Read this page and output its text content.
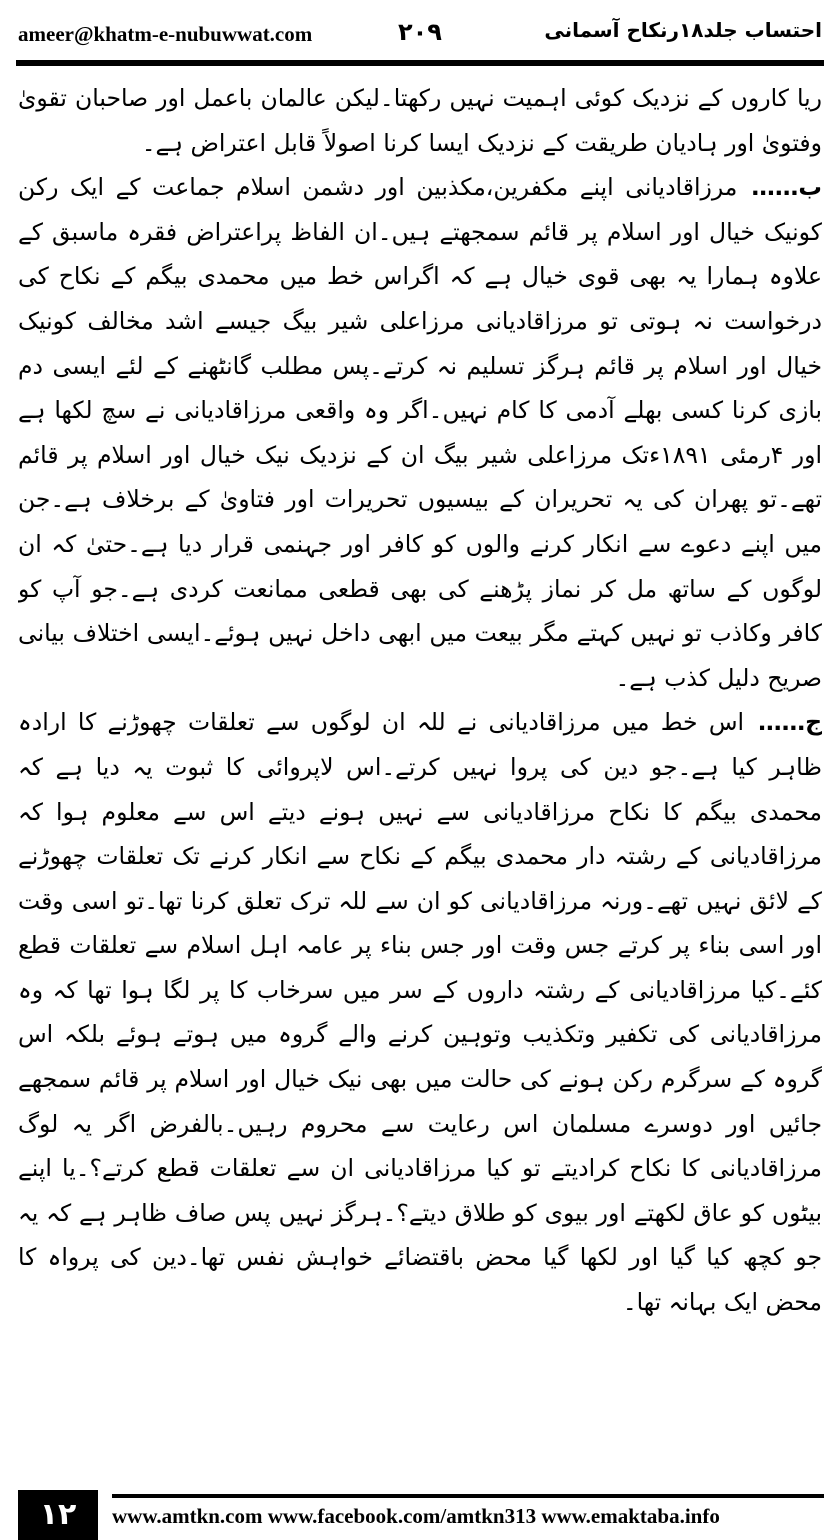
ameer@khatm-e-nubuwwat.com	۲۰۹	احتساب جلد۱۸رنکاح آسمانی

ریا کاروں کے نزدیک کوئی اہمیت نہیں رکھتا۔لیکن عالمان باعمل اور صاحبان تقویٰ وفتویٰ اور ہادیان طریقت کے نزدیک ایسا کرنا اصولاً قابل اعتراض ہے۔

ب……مرزاقادیانی اپنے مکفرین،مکذبین اور دشمن اسلام جماعت کے ایک رکن کونیک خیال اور اسلام پر قائم سمجھتے ہیں۔ان الفاظ پراعتراض فقرہ ماسبق کے علاوہ ہمارا یہ بھی قوی خیال ہے کہ اگراس خط میں محمدی بیگم کے نکاح کی درخواست نہ ہوتی تو مرزاقادیانی مرزاعلی شیر بیگ جیسے اشد مخالف کونیک خیال اور اسلام پر قائم ہرگز تسلیم نہ کرتے۔پس مطلب گانٹھنے کے لئے ایسی دم بازی کرنا کسی بھلے آدمی کا کام نہیں۔اگر وہ واقعی مرزاقادیانی نے سچ لکھا ہے اور ۴رمئی ۱۸۹۱ءتک مرزاعلی شیر بیگ ان کے نزدیک نیک خیال اور اسلام پر قائم تھے۔تو پھران کی یہ تحریران کے بیسیوں تحریرات اور فتاویٰ کے برخلاف ہے۔جن میں اپنے دعوے سے انکار کرنے والوں کو کافر اور جہنمی قرار دیا ہے۔حتیٰ کہ ان لوگوں کے ساتھ مل کر نماز پڑھنے کی بھی قطعی ممانعت کردی ہے۔جو آپ کو کافر وکاذب تو نہیں کہتے مگر بیعت میں ابھی داخل نہیں ہوئے۔ایسی اختلاف بیانی صریح دلیل کذب ہے۔

ج……اس خط میں مرزاقادیانی نے للہ ان لوگوں سے تعلقات چھوڑنے کا ارادہ ظاہر کیا ہے۔جو دین کی پروا نہیں کرتے۔اس لاپروائی کا ثبوت یہ دیا ہے کہ محمدی بیگم کا نکاح مرزاقادیانی سے نہیں ہونے دیتے اس سے معلوم ہوا کہ مرزاقادیانی کے رشتہ دار محمدی بیگم کے نکاح سے انکار کرنے تک تعلقات چھوڑنے کے لائق نہیں تھے۔ورنہ مرزاقادیانی کو ان سے للہ ترک تعلق کرنا تھا۔تو اسی وقت اور اسی بناء پر کرتے جس وقت اور جس بناء پر عامہ اہل اسلام سے تعلقات قطع کئے۔کیا مرزاقادیانی کے رشتہ داروں کے سر میں سرخاب کا پر لگا ہوا تھا کہ وہ مرزاقادیانی کی تکفیر وتکذیب وتوہین کرنے والے گروہ میں ہوتے ہوئے بلکہ اس گروہ کے سرگرم رکن ہونے کی حالت میں بھی نیک خیال اور اسلام پر قائم سمجھے جائیں اور دوسرے مسلمان اس رعایت سے محروم رہیں۔بالفرض اگر یہ لوگ مرزاقادیانی کا نکاح کرادیتے تو کیا مرزاقادیانی ان سے تعلقات قطع کرتے؟۔یا اپنے بیٹوں کو عاق لکھتے اور بیوی کو طلاق دیتے؟۔ہرگز نہیں پس صاف ظاہر ہے کہ یہ جو کچھ کیا گیا اور لکھا گیا محض باقتضائے خواہش نفس تھا۔دین کی پرواہ کا محض ایک بہانہ تھا۔

۱۲	www.amtkn.com www.facebook.com/amtkn313 www.emaktaba.info
